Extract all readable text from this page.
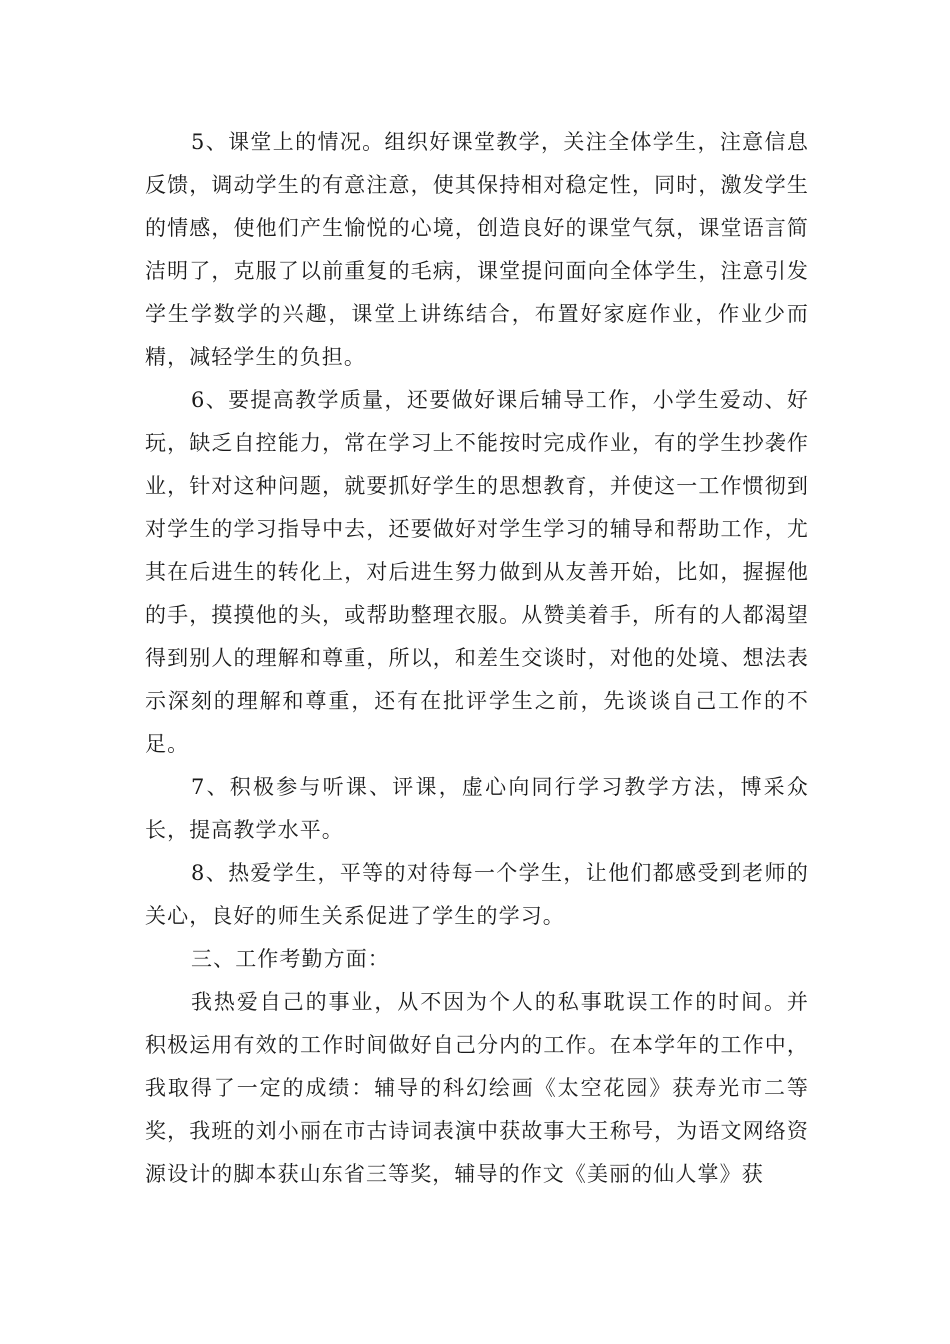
5、课堂上的情况。组织好课堂教学，关注全体学生，注意信息反馈，调动学生的有意注意，使其保持相对稳定性，同时，激发学生的情感，使他们产生愉悦的心境，创造良好的课堂气氛，课堂语言简洁明了，克服了以前重复的毛病，课堂提问面向全体学生，注意引发学生学数学的兴趣，课堂上讲练结合，布置好家庭作业，作业少而精，减轻学生的负担。

6、要提高教学质量，还要做好课后辅导工作，小学生爱动、好玩，缺乏自控能力，常在学习上不能按时完成作业，有的学生抄袭作业，针对这种问题，就要抓好学生的思想教育，并使这一工作惯彻到对学生的学习指导中去，还要做好对学生学习的辅导和帮助工作，尤其在后进生的转化上，对后进生努力做到从友善开始，比如，握握他的手，摸摸他的头，或帮助整理衣服。从赞美着手，所有的人都渴望得到别人的理解和尊重，所以，和差生交谈时，对他的处境、想法表示深刻的理解和尊重，还有在批评学生之前，先谈谈自己工作的不足。

7、积极参与听课、评课，虚心向同行学习教学方法，博采众长，提高教学水平。

8、热爱学生，平等的对待每一个学生，让他们都感受到老师的关心，良好的师生关系促进了学生的学习。

三、工作考勤方面：

我热爱自己的事业，从不因为个人的私事耽误工作的时间。并积极运用有效的工作时间做好自己分内的工作。在本学年的工作中，我取得了一定的成绩：辅导的科幻绘画《太空花园》获寿光市二等奖，我班的刘小丽在市古诗词表演中获故事大王称号，为语文网络资源设计的脚本获山东省三等奖，辅导的作文《美丽的仙人掌》获
